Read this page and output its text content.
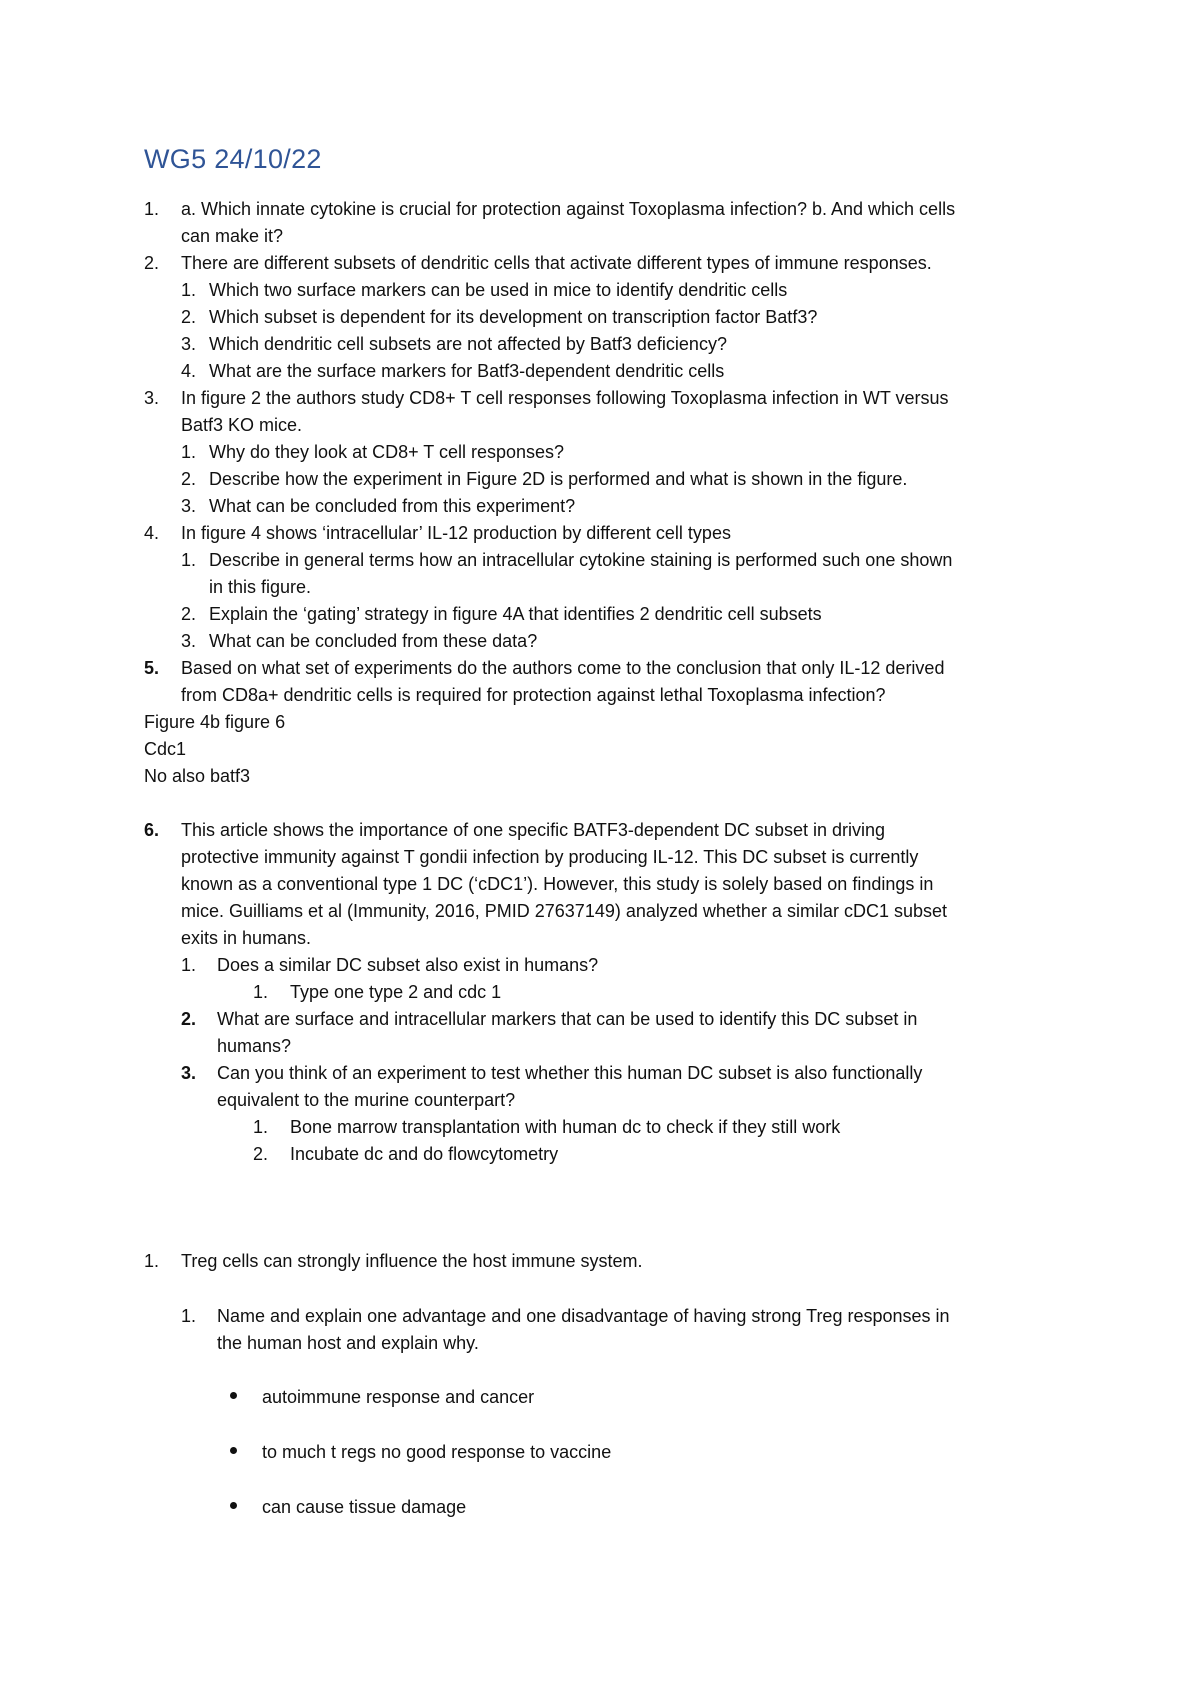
WG5 24/10/22
1. a. Which innate cytokine is crucial for protection against Toxoplasma infection? b. And which cells
can make it?
2. There are different subsets of dendritic cells that activate different types of immune responses.
1. Which two surface markers can be used in mice to identify dendritic cells
2. Which subset is dependent for its development on transcription factor Batf3?
3. Which dendritic cell subsets are not affected by Batf3 deficiency?
4. What are the surface markers for Batf3-dependent dendritic cells
3. In figure 2 the authors study CD8+ T cell responses following Toxoplasma infection in WT versus
Batf3 KO mice.
1. Why do they look at CD8+ T cell responses?
2. Describe how the experiment in Figure 2D is performed and what is shown in the figure.
3. What can be concluded from this experiment?
4. In figure 4 shows ‘intracellular’ IL-12 production by different cell types
1. Describe in general terms how an intracellular cytokine staining is performed such one shown
in this figure.
2. Explain the ‘gating’ strategy in figure 4A that identifies 2 dendritic cell subsets
3. What can be concluded from these data?
5. Based on what set of experiments do the authors come to the conclusion that only IL-12 derived
from CD8a+ dendritic cells is required for protection against lethal Toxoplasma infection?
Figure 4b figure 6
Cdc1
No also batf3
6. This article shows the importance of one specific BATF3-dependent DC subset in driving
protective immunity against T gondii infection by producing IL-12. This DC subset is currently
known as a conventional type 1 DC (‘cDC1’). However, this study is solely based on findings in
mice. Guilliams et al (Immunity, 2016, PMID 27637149) analyzed whether a similar cDC1 subset
exits in humans.
1. Does a similar DC subset also exist in humans?
1. Type one type 2 and cdc 1
2. What are surface and intracellular markers that can be used to identify this DC subset in
humans?
3. Can you think of an experiment to test whether this human DC subset is also functionally
equivalent to the murine counterpart?
1. Bone marrow transplantation with human dc to check if they still work
2. Incubate dc and do flowcytometry
1. Treg cells can strongly influence the host immune system.
1. Name and explain one advantage and one disadvantage of having strong Treg responses in
the human host and explain why.
autoimmune response and cancer
to much t regs no good response to vaccine
can cause tissue damage
